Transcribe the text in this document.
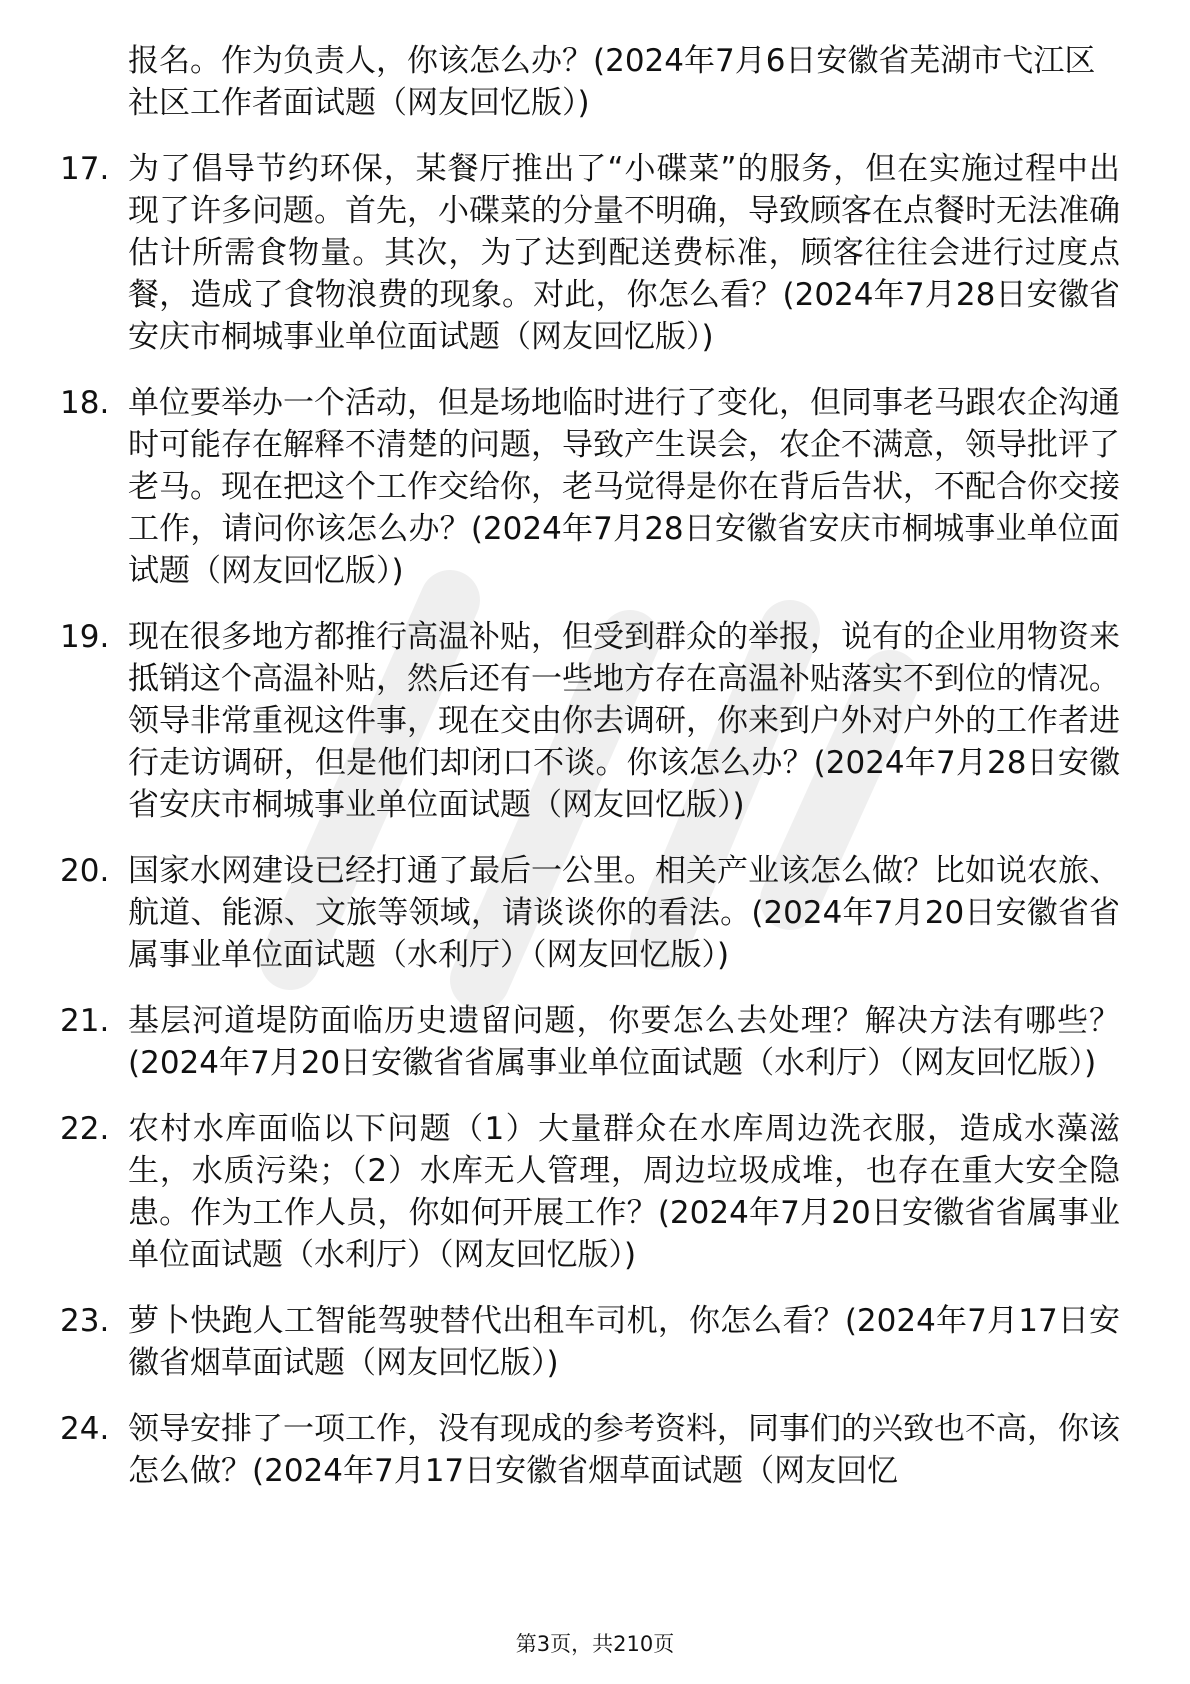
报名。作为负责人，你该怎么办？(2024年7月6日安徽省芜湖市弋江区社区工作者面试题（网友回忆版）)
17. 为了倡导节约环保，某餐厅推出了“小碟菜”的服务，但在实施过程中出现了许多问题。首先，小碟菜的分量不明确，导致顾客在点餐时无法准确估计所需食物量。其次，为了达到配送费标准，顾客往往会进行过度点餐，造成了食物浪费的现象。对此，你怎么看？(2024年7月28日安徽省安庆市桐城事业单位面试题（网友回忆版）)
18. 单位要举办一个活动，但是场地临时进行了变化，但同事老马跟农企沟通时可能存在解释不清楚的问题，导致产生误会，农企不满意，领导批评了老马。现在把这个工作交给你，老马觉得是你在背后告状，不配合你交接工作，请问你该怎么办？(2024年7月28日安徽省安庆市桐城事业单位面试题（网友回忆版）)
19. 现在很多地方都推行高温补贴，但受到群众的举报，说有的企业用物资来抵销这个高温补贴，然后还有一些地方存在高温补贴落实不到位的情况。领导非常重视这件事，现在交由你去调研，你来到户外对户外的工作者进行走访调研，但是他们却闭口不谈。你该怎么办？(2024年7月28日安徽省安庆市桐城事业单位面试题（网友回忆版）)
20. 国家水网建设已经打通了最后一公里。相关产业该怎么做？比如说农旅、航道、能源、文旅等领域，请谈谈你的看法。(2024年7月20日安徽省省属事业单位面试题（水利厅）（网友回忆版）)
21. 基层河道堤防面临历史遗留问题，你要怎么去处理？解决方法有哪些？(2024年7月20日安徽省省属事业单位面试题（水利厅）（网友回忆版）)
22. 农村水库面临以下问题（1）大量群众在水库周边洗衣服，造成水藻滋生，水质污染；（2）水库无人管理，周边垃圾成堆，也存在重大安全隐患。作为工作人员，你如何开展工作？(2024年7月20日安徽省省属事业单位面试题（水利厅）（网友回忆版）)
23. 萝卜快跑人工智能驾驶替代出租车司机，你怎么看？(2024年7月17日安徽省烟草面试题（网友回忆版）)
24. 领导安排了一项工作，没有现成的参考资料，同事们的兴致也不高，你该怎么做？(2024年7月17日安徽省烟草面试题（网友回忆
第3页，共210页
